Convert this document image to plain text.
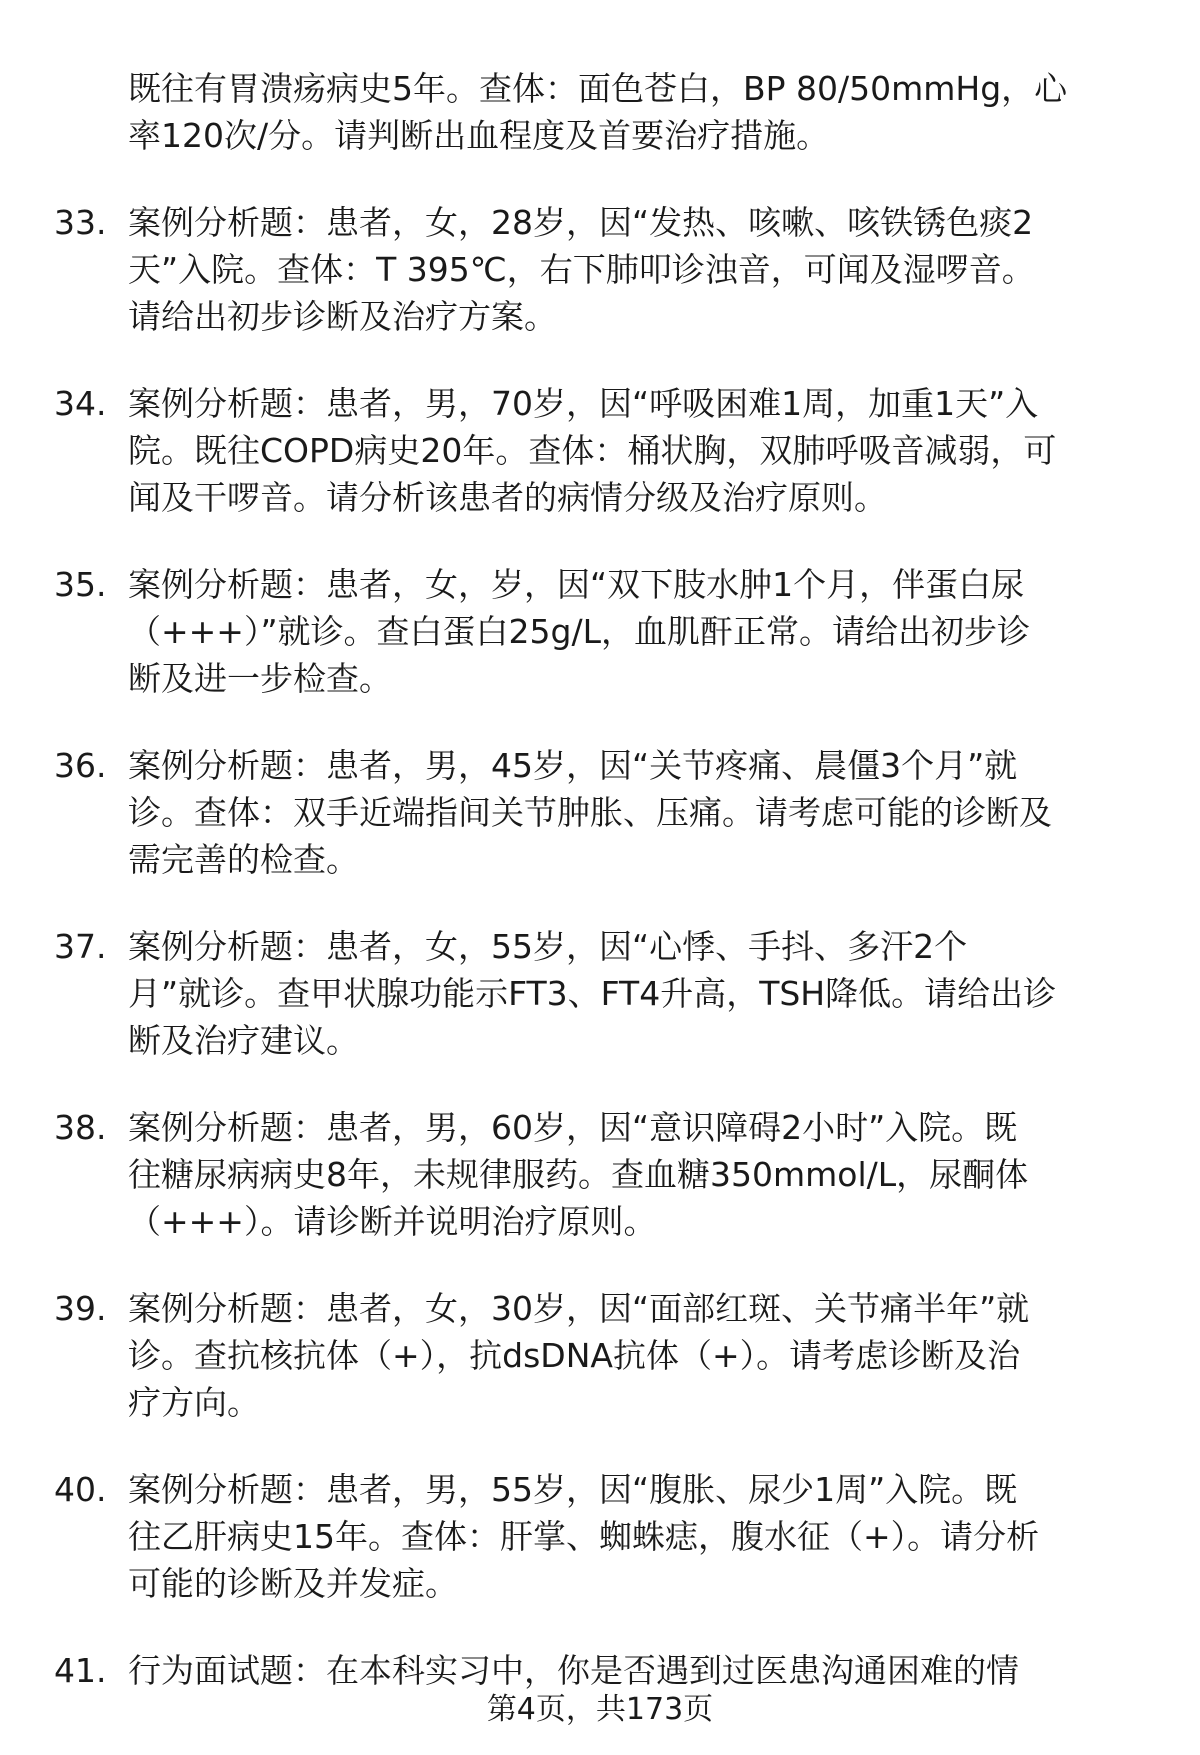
既往有胃溃疡病史5年。查体：面色苍白，BP 80/50mmHg，心
率120次/分。请判断出血程度及首要治疗措施。
33. 案例分析题：患者，女，28岁，因“发热、咳嗽、咳铁锈色痰2
天”入院。查体：T 395℃，右下肺叩诊浊音，可闻及湿啰音。
请给出初步诊断及治疗方案。
34. 案例分析题：患者，男，70岁，因“呼吸困难1周，加重1天”入
院。既往COPD病史20年。查体：桶状胸，双肺呼吸音减弱，可
闻及干啰音。请分析该患者的病情分级及治疗原则。
35. 案例分析题：患者，女，岁，因“双下肢水肿1个月，伴蛋白尿
（+++）”就诊。查白蛋白25g/L，血肌酐正常。请给出初步诊
断及进一步检查。
36. 案例分析题：患者，男，45岁，因“关节疼痛、晨僵3个月”就
诊。查体：双手近端指间关节肿胀、压痛。请考虑可能的诊断及
需完善的检查。
37. 案例分析题：患者，女，55岁，因“心悸、手抖、多汗2个
月”就诊。查甲状腺功能示FT3、FT4升高，TSH降低。请给出诊
断及治疗建议。
38. 案例分析题：患者，男，60岁，因“意识障碍2小时”入院。既
往糖尿病病史8年，未规律服药。查血糖350mmol/L，尿酮体
（+++）。请诊断并说明治疗原则。
39. 案例分析题：患者，女，30岁，因“面部红斑、关节痛半年”就
诊。查抗核抗体（+），抗dsDNA抗体（+）。请考虑诊断及治
疗方向。
40. 案例分析题：患者，男，55岁，因“腹胀、尿少1周”入院。既
往乙肝病史15年。查体：肝掌、蜘蛛痣，腹水征（+）。请分析
可能的诊断及并发症。
41. 行为面试题：在本科实习中，你是否遇到过医患沟通困难的情
第4页，共173页
